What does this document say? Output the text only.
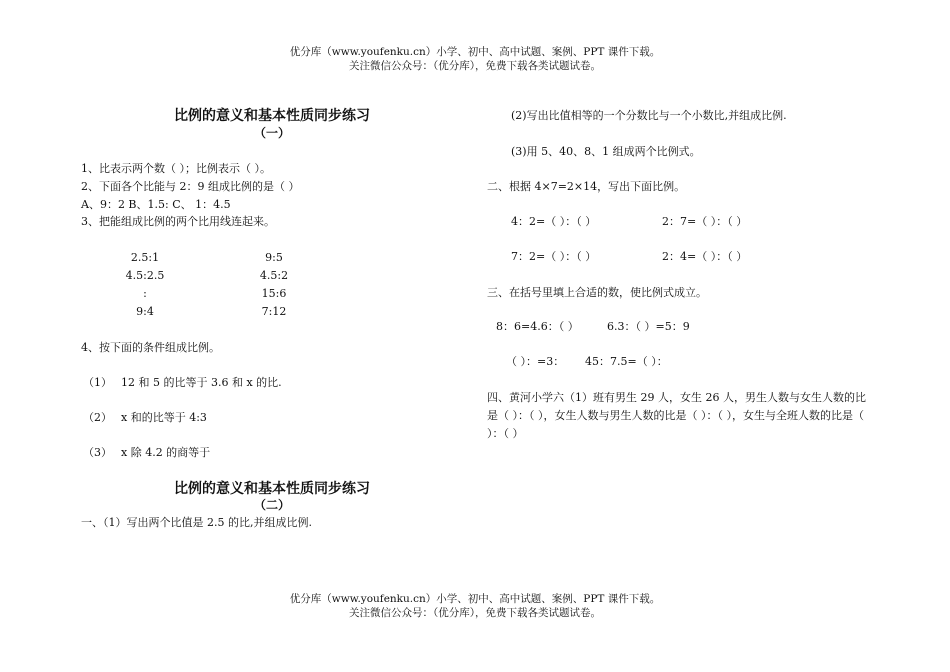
优分库（www.youfenku.cn）小学、初中、高中试题、案例、PPT 课件下载。
关注微信公众号：（优分库），免费下载各类试题试卷。
比例的意义和基本性质同步练习
（一）
1、比表示两个数（ ）；比例表示（ ）。
2、下面各个比能与 2：9 组成比例的是（ ）
A、9：2 B、1.5: C、 1：4.5
3、把能组成比例的两个比用线连起来。
2.5:1
4.5:2.5
:
9:4
9:5
4.5:2
15:6
7:12
4、按下面的条件组成比例。
（1） 12 和 5 的比等于 3.6 和 x 的比.
（2） x 和的比等于 4:3
（3） x 除 4.2 的商等于
比例的意义和基本性质同步练习
（二）
一、（1）写出两个比值是 2.5 的比,并组成比例.
(2)写出比值相等的一个分数比与一个小数比,并组成比例.
(3)用 5、40、8、1 组成两个比例式。
二、根据 4×7=2×14，写出下面比例。
4：2=（ ）：（ ）	2：7=（ ）：（ ）
7：2=（ ）：（ ）	2：4=（ ）：（ ）
三、在括号里填上合适的数，使比例式成立。
8：6=4.6：（ ）	6.3：（ ）=5：9
（ ）：=3： 45：7.5=（ ）：
四、黄河小学六（1）班有男生 29 人，女生 26 人，男生人数与女生人数的比是（ ）：（ ），女生人数与男生人数的比是（ ）：（ ），女生与全班人数的比是（ ）：（ ）
优分库（www.youfenku.cn）小学、初中、高中试题、案例、PPT 课件下载。
关注微信公众号：（优分库），免费下载各类试题试卷。
